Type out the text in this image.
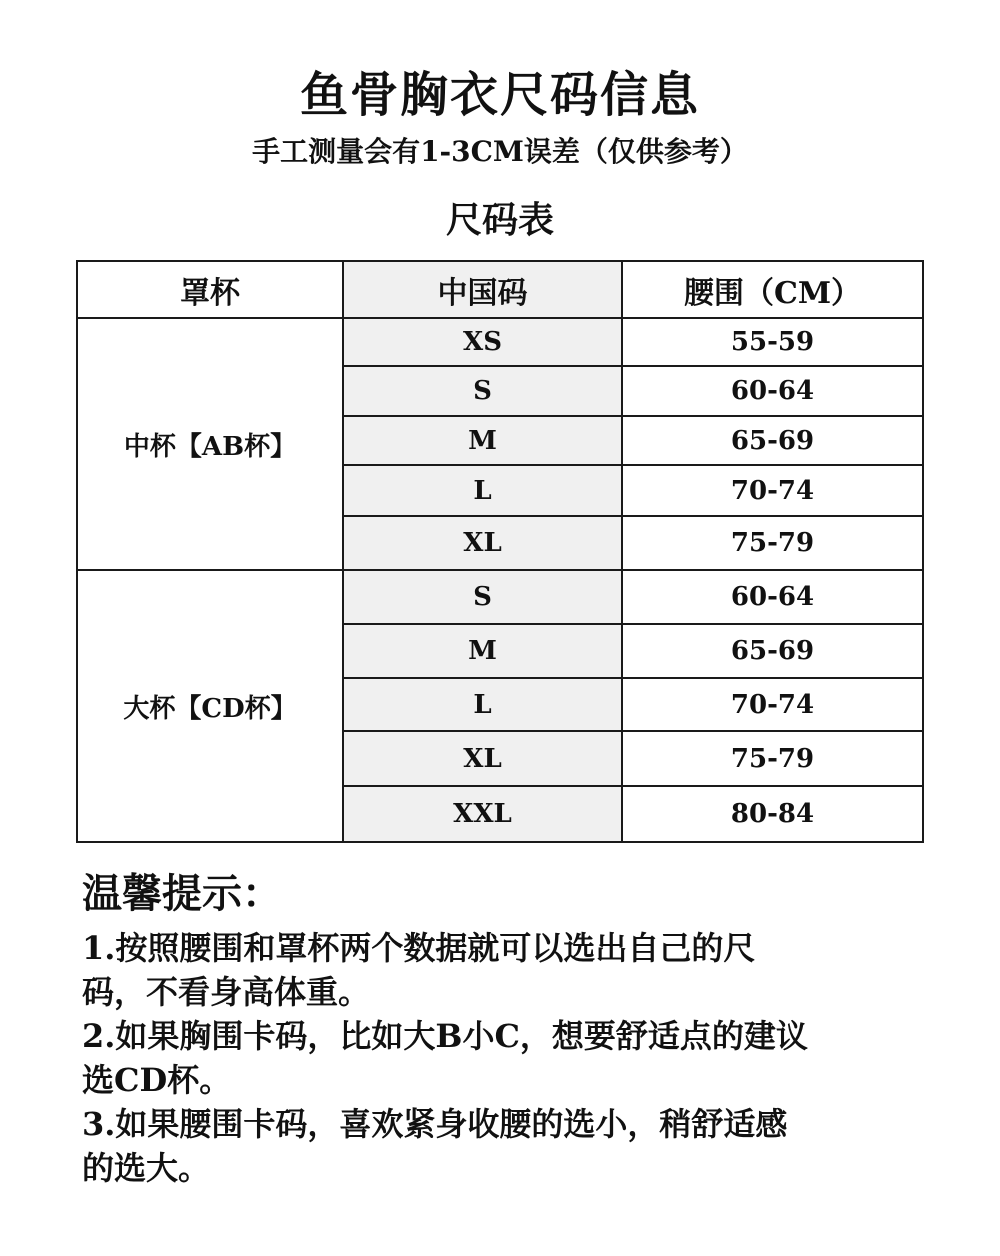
鱼骨胸衣尺码信息
手工测量会有1-3CM误差（仅供参考）
尺码表
罩杯	中国码	腰围（CM）
中杯【AB杯】	XS	55-59
	S	60-64
	M	65-69
	L	70-74
	XL	75-79
大杯【CD杯】	S	60-64
	M	65-69
	L	70-74
	XL	75-79
	XXL	80-84

温馨提示：

1.按照腰围和罩杯两个数据就可以选出自己的尺

码，不看身高体重。

2.如果胸围卡码，比如大B小C，想要舒适点的建议

选CD杯。

3.如果腰围卡码，喜欢紧身收腰的选小，稍舒适感

的选大。
